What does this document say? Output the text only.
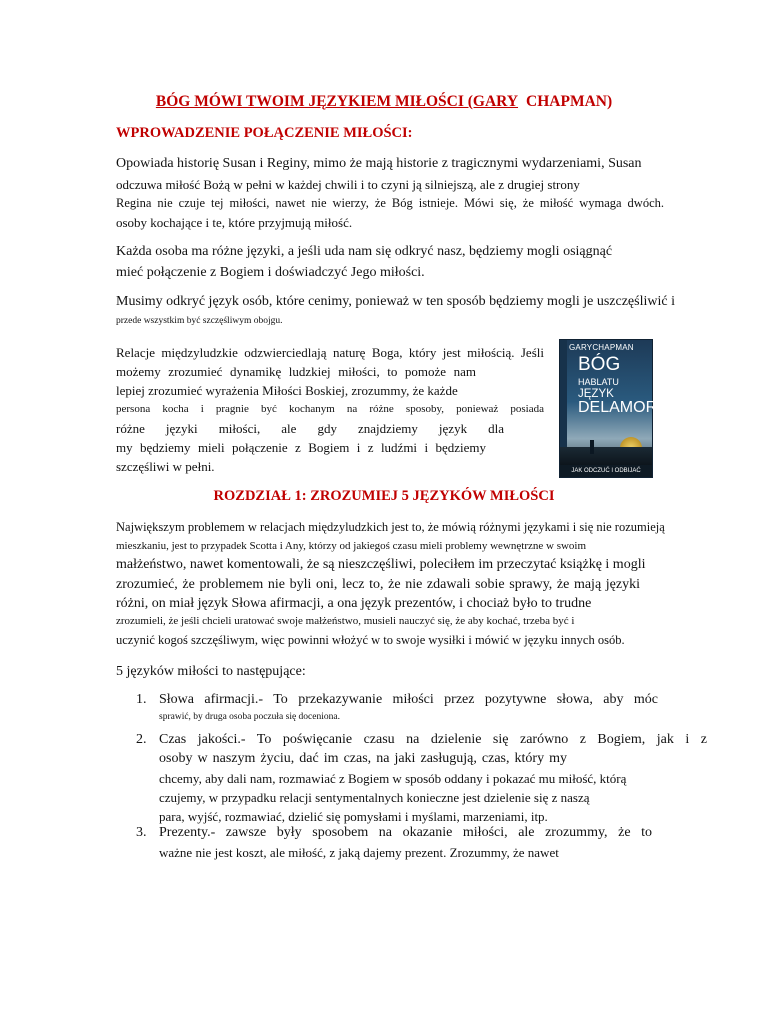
BÓG MÓWI TWOIM JĘZYKIEM MIŁOŚCI (GARY CHAPMAN)
WPROWADZENIE POŁĄCZENIE MIŁOŚCI:
Opowiada historię Susan i Reginy, mimo że mają historie z tragicznymi wydarzeniami, Susan
odczuwa miłość Bożą w pełni w każdej chwili i to czyni ją silniejszą, ale z drugiej strony
Regina nie czuje tej miłości, nawet nie wierzy, że Bóg istnieje. Mówi się, że miłość wymaga dwóch.
osoby kochające i te, które przyjmują miłość.
Każda osoba ma różne języki, a jeśli uda nam się odkryć nasz, będziemy mogli osiągnąć
mieć połączenie z Bogiem i doświadczyć Jego miłości.
Musimy odkryć język osób, które cenimy, ponieważ w ten sposób będziemy mogli je uszczęśliwić i
przede wszystkim być szczęśliwym obojgu.
Relacje międzyludzkie odzwierciedlają naturę Boga, który jest miłością. Jeśli
możemy zrozumieć dynamikę ludzkiej miłości, to pomoże nam
lepiej zrozumieć wyrażenia Miłości Boskiej, zrozummy, że każde
persona kocha i pragnie być kochanym na różne sposoby, ponieważ posiada
różne języki miłości, ale gdy znajdziemy język dla
my będziemy mieli połączenie z Bogiem i z ludźmi i będziemy
szczęśliwi w pełni.
GARYCHAPMAN
BÓG
HABLATU
JĘZYK
DELAMOR
JAK ODCZUĆ I ODBIJAĆ MIŁOŚĆ
ROZDZIAŁ 1: ZROZUMIEJ 5 JĘZYKÓW MIŁOŚCI
Największym problemem w relacjach międzyludzkich jest to, że mówią różnymi językami i się nie rozumieją
mieszkaniu, jest to przypadek Scotta i Any, którzy od jakiegoś czasu mieli problemy wewnętrzne w swoim
małżeństwo, nawet komentowali, że są nieszczęśliwi, poleciłem im przeczytać książkę i mogli
zrozumieć, że problemem nie byli oni, lecz to, że nie zdawali sobie sprawy, że mają języki
różni, on miał język Słowa afirmacji, a ona język prezentów, i chociaż było to trudne
zrozumieli, że jeśli chcieli uratować swoje małżeństwo, musieli nauczyć się, że aby kochać, trzeba być i
uczynić kogoś szczęśliwym, więc powinni włożyć w to swoje wysiłki i mówić w języku innych osób.
5 języków miłości to następujące:
1. Słowa afirmacji.- To przekazywanie miłości przez pozytywne słowa, aby móc
sprawić, by druga osoba poczuła się doceniona.
2. Czas jakości.- To poświęcanie czasu na dzielenie się zarówno z Bogiem, jak i z
osoby w naszym życiu, dać im czas, na jaki zasługują, czas, który my
chcemy, aby dali nam, rozmawiać z Bogiem w sposób oddany i pokazać mu miłość, którą
czujemy, w przypadku relacji sentymentalnych konieczne jest dzielenie się z naszą
para, wyjść, rozmawiać, dzielić się pomysłami i myślami, marzeniami, itp.
3. Prezenty.- zawsze były sposobem na okazanie miłości, ale zrozummy, że to
ważne nie jest koszt, ale miłość, z jaką dajemy prezent. Zrozummy, że nawet
